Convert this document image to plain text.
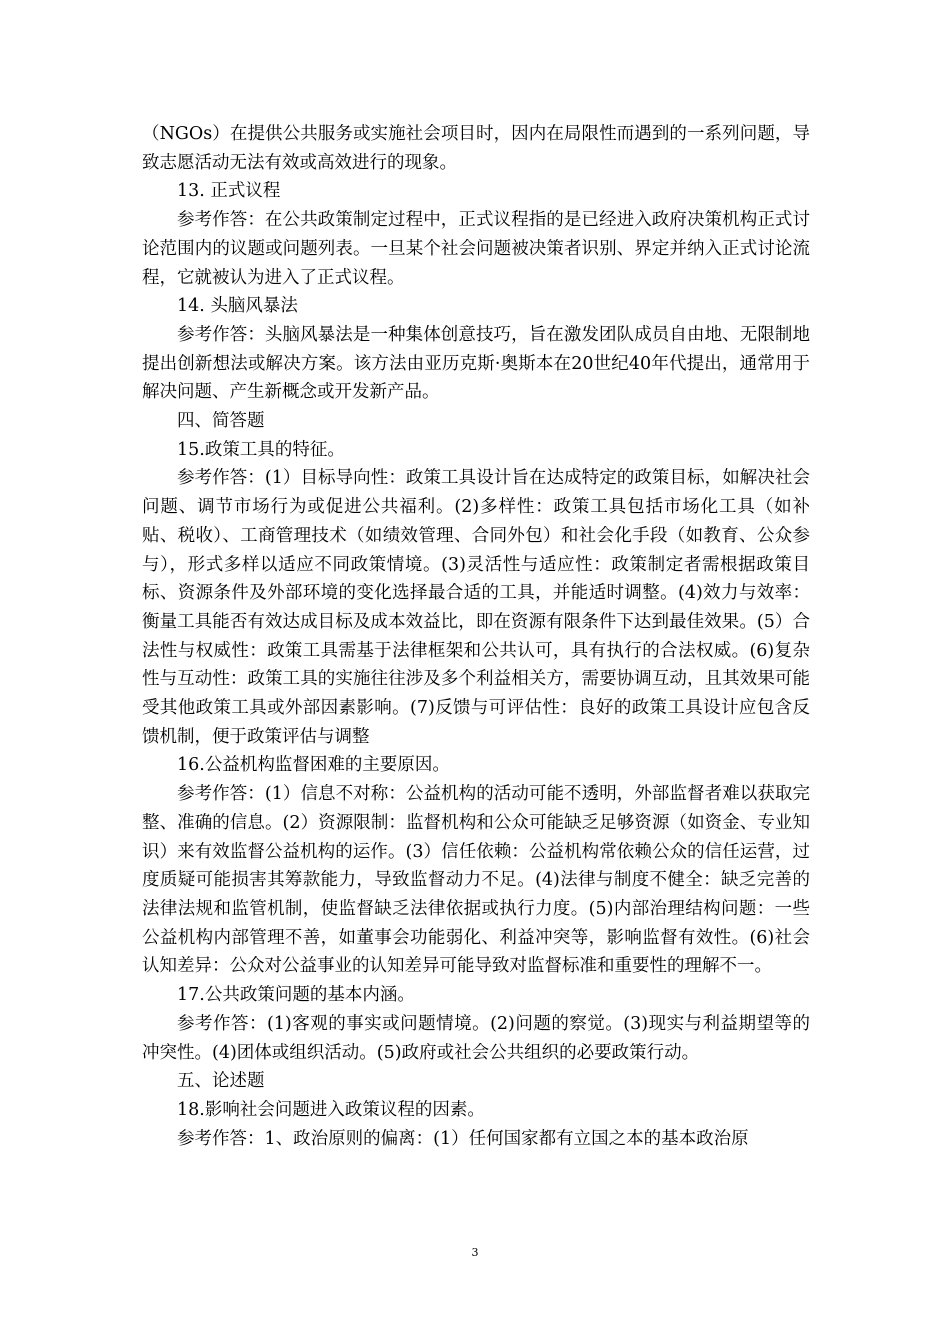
（NGOs）在提供公共服务或实施社会项目时，因内在局限性而遇到的一系列问题，导致志愿活动无法有效或高效进行的现象。

13. 正式议程

参考作答：在公共政策制定过程中，正式议程指的是已经进入政府决策机构正式讨论范围内的议题或问题列表。一旦某个社会问题被决策者识别、界定并纳入正式讨论流程，它就被认为进入了正式议程。

14. 头脑风暴法

参考作答：头脑风暴法是一种集体创意技巧，旨在激发团队成员自由地、无限制地提出创新想法或解决方案。该方法由亚历克斯·奥斯本在20世纪40年代提出，通常用于解决问题、产生新概念或开发新产品。

四、简答题

15.政策工具的特征。

参考作答：(1）目标导向性：政策工具设计旨在达成特定的政策目标，如解决社会问题、调节市场行为或促进公共福利。(2)多样性：政策工具包括市场化工具（如补贴、税收）、工商管理技术（如绩效管理、合同外包）和社会化手段（如教育、公众参与），形式多样以适应不同政策情境。(3)灵活性与适应性：政策制定者需根据政策目标、资源条件及外部环境的变化选择最合适的工具，并能适时调整。(4)效力与效率：衡量工具能否有效达成目标及成本效益比，即在资源有限条件下达到最佳效果。(5）合法性与权威性：政策工具需基于法律框架和公共认可，具有执行的合法权威。(6)复杂性与互动性：政策工具的实施往往涉及多个利益相关方，需要协调互动，且其效果可能受其他政策工具或外部因素影响。(7)反馈与可评估性：良好的政策工具设计应包含反馈机制，便于政策评估与调整

16.公益机构监督困难的主要原因。

参考作答：(1）信息不对称：公益机构的活动可能不透明，外部监督者难以获取完整、准确的信息。(2）资源限制：监督机构和公众可能缺乏足够资源（如资金、专业知识）来有效监督公益机构的运作。(3）信任依赖：公益机构常依赖公众的信任运营，过度质疑可能损害其筹款能力，导致监督动力不足。(4)法律与制度不健全：缺乏完善的法律法规和监管机制，使监督缺乏法律依据或执行力度。(5)内部治理结构问题：一些公益机构内部管理不善，如董事会功能弱化、利益冲突等，影响监督有效性。(6)社会认知差异：公众对公益事业的认知差异可能导致对监督标准和重要性的理解不一。

17.公共政策问题的基本内涵。

参考作答：(1)客观的事实或问题情境。(2)问题的察觉。(3)现实与利益期望等的冲突性。(4)团体或组织活动。(5)政府或社会公共组织的必要政策行动。

五、论述题

18.影响社会问题进入政策议程的因素。

参考作答：1、政治原则的偏离：(1）任何国家都有立国之本的基本政治原

3
